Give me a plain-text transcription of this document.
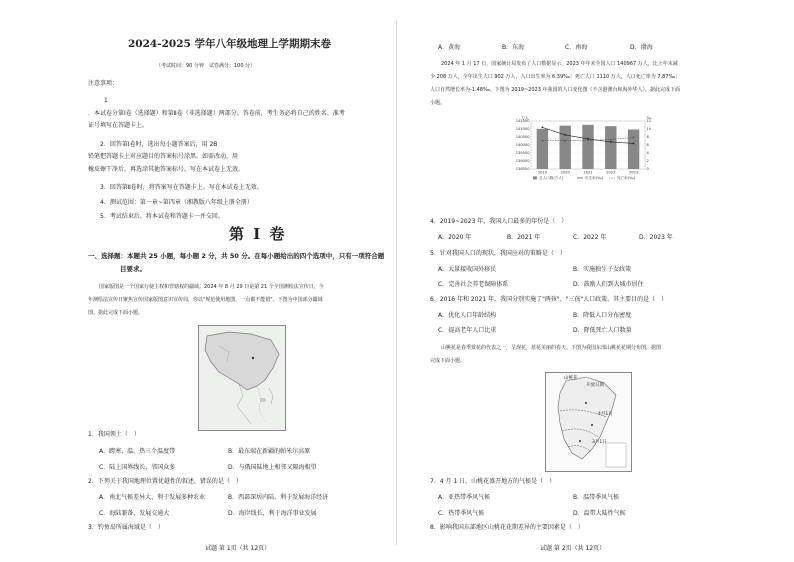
2024-2025 学年八年级地理上学期期末卷
（考试时间：90 分钟　试卷满分：100 分）
注意事项：
1
．本试卷分第Ⅰ卷（选择题）和第Ⅱ卷（非选择题）两部分。答卷前，考生务必将自己的姓名、准考
证号填写在答题卡上。
2．回答第Ⅰ卷时，选出每小题答案后，用 2B
铅笔把答题卡上对应题目的答案标号涂黑。如需改动，用
橡皮擦干净后，再选涂其他答案标号。写在本试卷上无效。
3．回答第Ⅱ卷时，将答案写在答题卡上。写在本试卷上无效。
4．测试范围：第一章~第四章（湘教版八年级上册全册）
5．考试结束后，将本试卷和答题卡一并交回。
第 I 卷
一、选择题：本题共 25 小题，每小题 2 分，共 50 分。在每小题给出的四个选项中，只有一项符合题
目要求。
国家版图是一个国家行使主权和管辖权的疆域。2024 年 8 月 29 日是第 21 个全国测绘法宣传日，今
年测绘法宣传日聚焦宣传国家版图意识宣传周，你以"规范使用地图，一点都不能错"。下图为中国部分疆域
图。据此完成下面小题。
1．我国领土（　）
A．跨寒、温、热三个温度带	B．最东端在新疆的帕米尔高原
C．陆上国界线长，邻国众多	D．与俄国陆地上相邻又隔海相望
2．下列关于我国地理位置优越性的叙述，错误的是（　）
A．南北气候差异大，利于发展多种农业	B．西部深居内陆，利于发展海洋经济
C．海陆兼备，发展交通大	D．海岸线长，利于海洋事业发展
3．钓鱼岛所属海域是（　）
试题 第 1页（共 12页）
A．黄海	B．东海	C．南海	D．渤海
2024 年 1 月 17 日，国家统计局发布了人口数据显示，2023 年年末全国人口 140967 万人，比上年末减
少 208 万人，全年出生人口 902 万人，人口出生率为 6.39‰；死亡人口 1110 万人，人口死亡率为 7.87‰；
人口自然增长率为-1.48‰。下图为 2019~2023 年我国的人口变化图（不含港澳台和海外华人）。据此完成下面
小题。
141500
141000
140500
140000
139500
139000
138500
12
10
8
6
4
2
0
万人	‰
2019	2020	2021	2022	2023
总人口数(万人)	出生率(‰)	死亡率(‰)
4．2019~2023 年，我国人口最多的年份是（　）
A．2020 年	B．2021 年	C．2022 年	D．2023 年
5．针对我国人口的现状，我国应对的策略是（　）
A．大量接收国外移民	B．实施独生子女政策
C．完善社会养老保障体系	D．鼓励人们到大城市居住
6．2016 年和 2021 年，我国分别实施了"两孩"、"三孩"人口政策，其主要目的是（　）
A．优化人口年龄结构	B．降低人口分布密度
C．提高老年人口比重	D．降低死亡人口数量
山桃花是春季赏花的代表之一，呈现花，惹花美丽的春天。下图为我国东部山桃花花期分布图。据图
完成下面小题。
7．4 月 1 日，山桃花盛开地方的气候是（　）
A．亚热带季风气候	B．温带季风气候
C．热带季风气候	D．温带大陆性气候
8．影响我国东部地区山桃花花期差异的主要因素是（　）
试题 第 2页（共 12页）
山桃花
开放日期
4月1日
3月1日
